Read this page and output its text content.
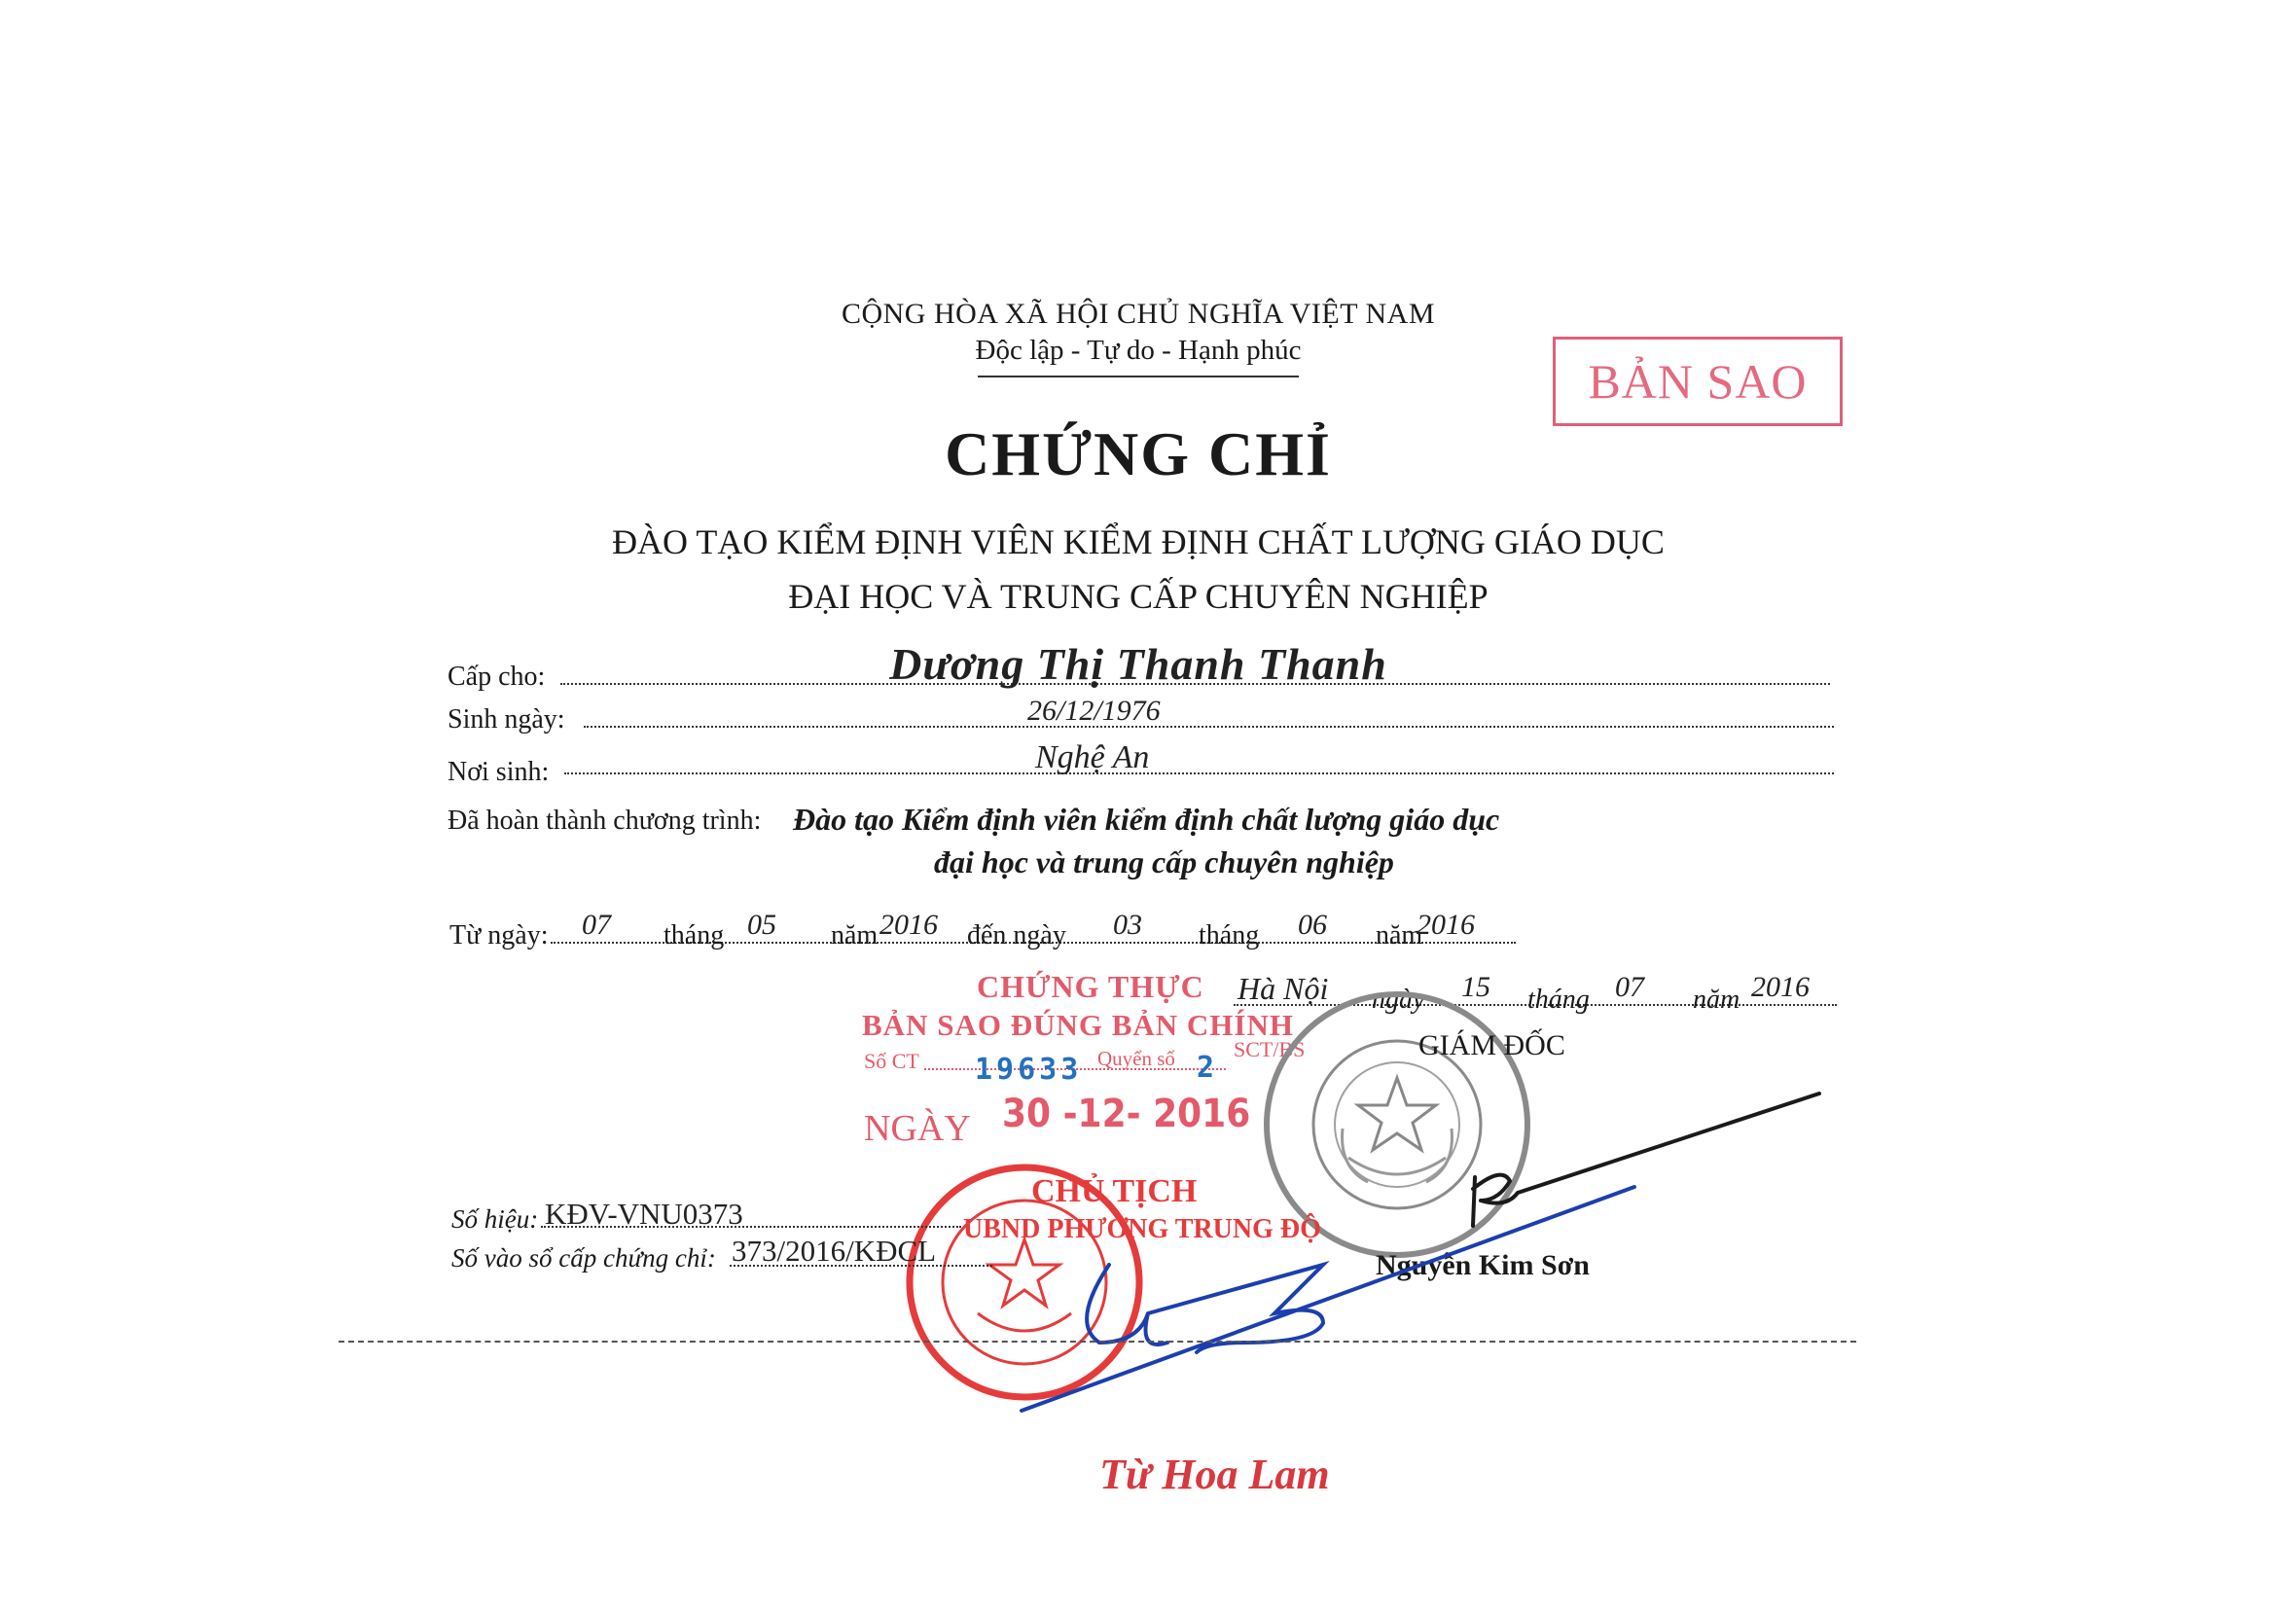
CỘNG HÒA XÃ HỘI CHỦ NGHĨA VIỆT NAM
Độc lập - Tự do - Hạnh phúc
BẢN SAO
CHỨNG CHỈ
ĐÀO TẠO KIỂM ĐỊNH VIÊN KIỂM ĐỊNH CHẤT LƯỢNG GIÁO DỤC
ĐẠI HỌC VÀ TRUNG CẤP CHUYÊN NGHIỆP
Cấp cho:	Dương Thị Thanh Thanh
Sinh ngày:	26/12/1976
Nơi sinh:	Nghệ An
Đã hoàn thành chương trình: Đào tạo Kiểm định viên kiểm định chất lượng giáo dục
đại học và trung cấp chuyên nghiệp
Từ ngày: 07 tháng 05 năm 2016 đến ngày 03 tháng 06 năm
2016
Hà Nội ngày 15 tháng 07 năm 2016
CHỨNG THỰC
BẢN SAO ĐÚNG BẢN CHÍNH
Số CT 19633 Quyển số 2
SCT/BS
NGÀY 30 -12- 2016
GIÁM ĐỐC
Nguyễn Kim Sơn
CHỦ TỊCH
UBND PHƯỜNG TRUNG ĐỘ
Số hiệu: KĐV-VNU0373
Số vào sổ cấp chứng chỉ: 373/2016/KĐCL
Từ Hoa Lam
